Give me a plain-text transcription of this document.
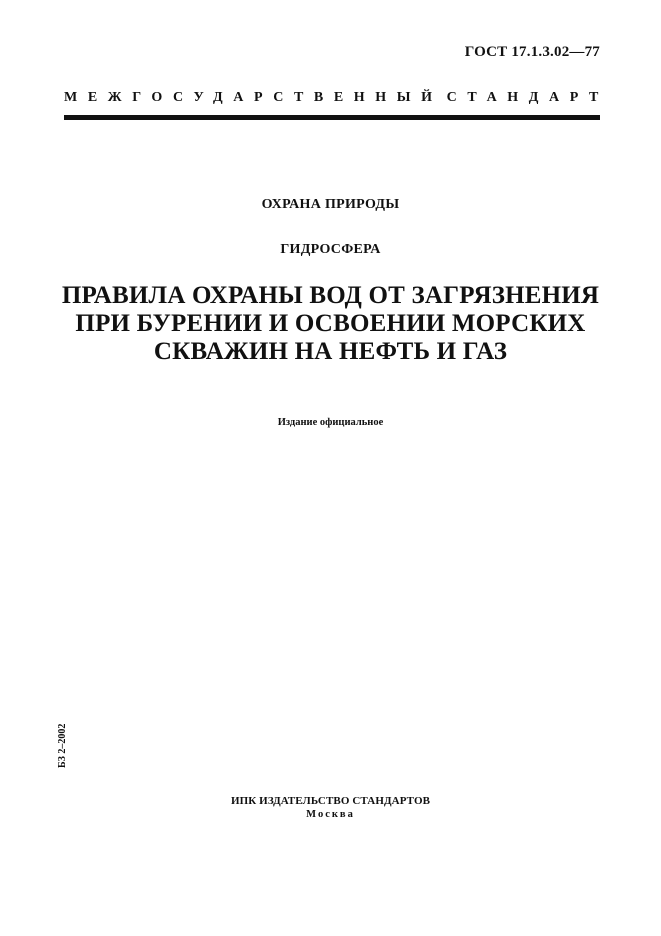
ГОСТ 17.1.3.02—77
МЕЖГОСУДАРСТВЕННЫЙ СТАНДАРТ
ОХРАНА ПРИРОДЫ
ГИДРОСФЕРА
ПРАВИЛА ОХРАНЫ ВОД ОТ ЗАГРЯЗНЕНИЯ
ПРИ БУРЕНИИ И ОСВОЕНИИ МОРСКИХ
СКВАЖИН НА НЕФТЬ И ГАЗ
Издание официальное
БЗ 2–2002
ИПК ИЗДАТЕЛЬСТВО СТАНДАРТОВ
Москва
